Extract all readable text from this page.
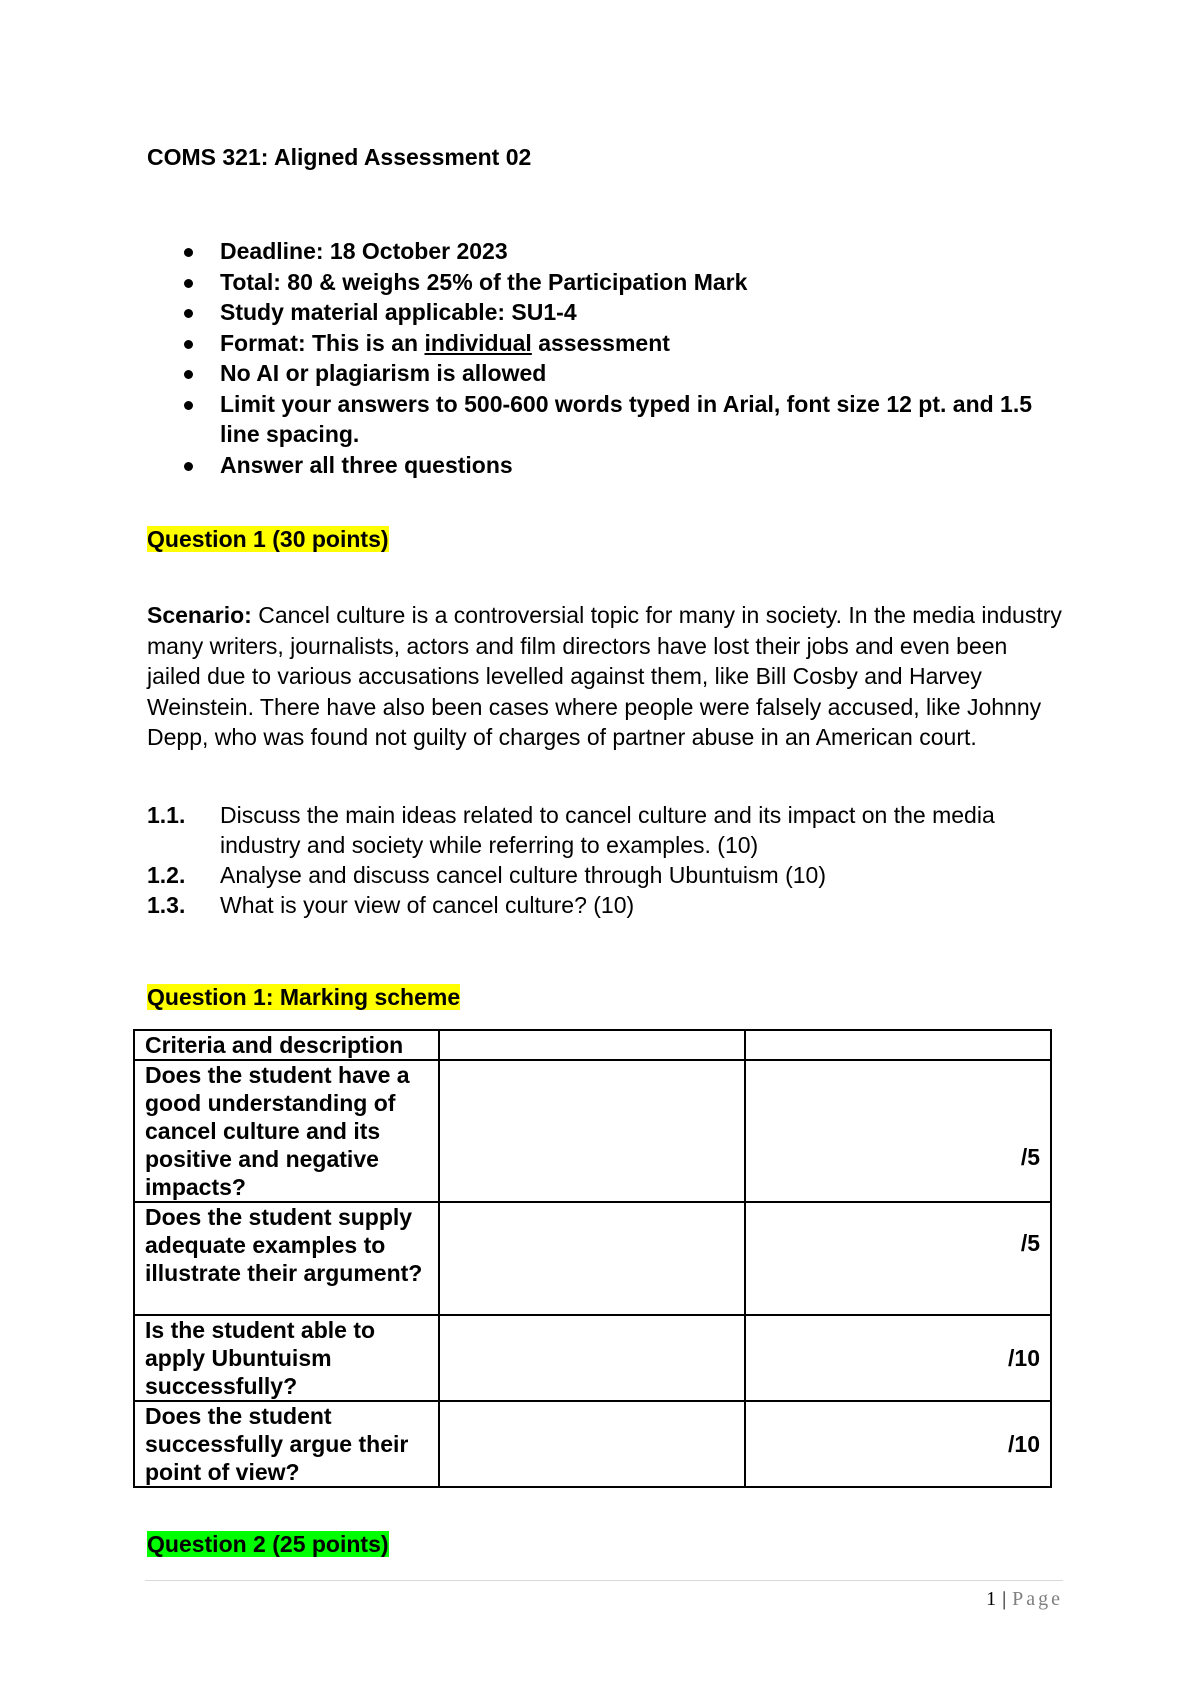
COMS 321: Aligned Assessment 02
Deadline: 18 October 2023
Total: 80 & weighs 25% of the Participation Mark
Study material applicable: SU1-4
Format: This is an individual assessment
No AI or plagiarism is allowed
Limit your answers to 500-600 words typed in Arial, font size 12 pt. and 1.5 line spacing.
Answer all three questions
Question 1 (30 points)
Scenario: Cancel culture is a controversial topic for many in society. In the media industry many writers, journalists, actors and film directors have lost their jobs and even been jailed due to various accusations levelled against them, like Bill Cosby and Harvey Weinstein. There have also been cases where people were falsely accused, like Johnny Depp, who was found not guilty of charges of partner abuse in an American court.
1.1. Discuss the main ideas related to cancel culture and its impact on the media industry and society while referring to examples. (10)
1.2. Analyse and discuss cancel culture through Ubuntuism (10)
1.3. What is your view of cancel culture? (10)
Question 1: Marking scheme
Criteria and description		
Does the student have a good understanding of cancel culture and its positive and negative impacts?		/5
Does the student supply adequate examples to illustrate their argument?		/5
Is the student able to apply Ubuntuism successfully?		/10
Does the student successfully argue their point of view?		/10
Question 2 (25 points)
1 | Page
